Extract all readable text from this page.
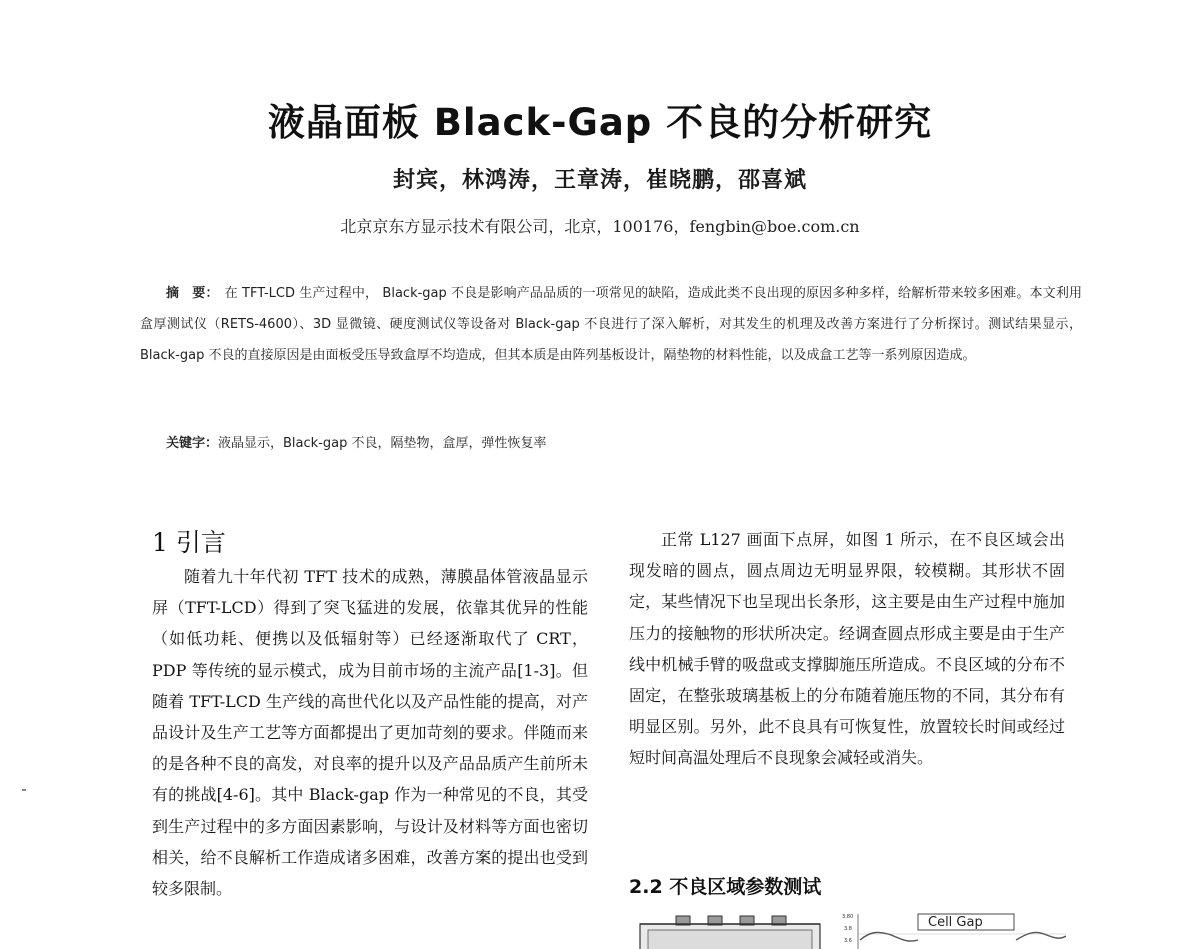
液晶面板 Black-Gap 不良的分析研究
封宾，林鸿涛，王章涛，崔晓鹏，邵喜斌
北京京东方显示技术有限公司，北京，100176，fengbin@boe.com.cn
摘　要： 在 TFT-LCD 生产过程中， Black-gap 不良是影响产品品质的一项常见的缺陷，造成此类不良出现的原因多种多样，给解析带来较多困难。本文利用盒厚测试仪（RETS-4600）、3D 显微镜、硬度测试仪等设备对 Black-gap 不良进行了深入解析，对其发生的机理及改善方案进行了分析探讨。测试结果显示，Black-gap 不良的直接原因是由面板受压导致盒厚不均造成，但其本质是由阵列基板设计，隔垫物的材料性能，以及成盒工艺等一系列原因造成。
关键字：液晶显示，Black-gap 不良，隔垫物，盒厚，弹性恢复率
1 引言
随着九十年代初 TFT 技术的成熟，薄膜晶体管液晶显示屏（TFT-LCD）得到了突飞猛进的发展，依靠其优异的性能（如低功耗、便携以及低辐射等）已经逐渐取代了 CRT，PDP 等传统的显示模式，成为目前市场的主流产品[1-3]。但随着 TFT-LCD 生产线的高世代化以及产品性能的提高，对产品设计及生产工艺等方面都提出了更加苛刻的要求。伴随而来的是各种不良的高发，对良率的提升以及产品品质产生前所未有的挑战[4-6]。其中 Black-gap 作为一种常见的不良，其受到生产过程中的多方面因素影响，与设计及材料等方面也密切相关，给不良解析工作造成诸多困难，改善方案的提出也受到较多限制。
正常 L127 画面下点屏，如图 1 所示，在不良区域会出现发暗的圆点，圆点周边无明显界限，较模糊。其形状不固定，某些情况下也呈现出长条形，这主要是由生产过程中施加压力的接触物的形状所决定。经调查圆点形成主要是由于生产线中机械手臂的吸盘或支撑脚施压所造成。不良区域的分布不固定，在整张玻璃基板上的分布随着施压物的不同，其分布有明显区别。另外，此不良具有可恢复性，放置较长时间或经过短时间高温处理后不良现象会减轻或消失。
2.2 不良区域参数测试
3.80
3.8
3.6
Cell Gap
